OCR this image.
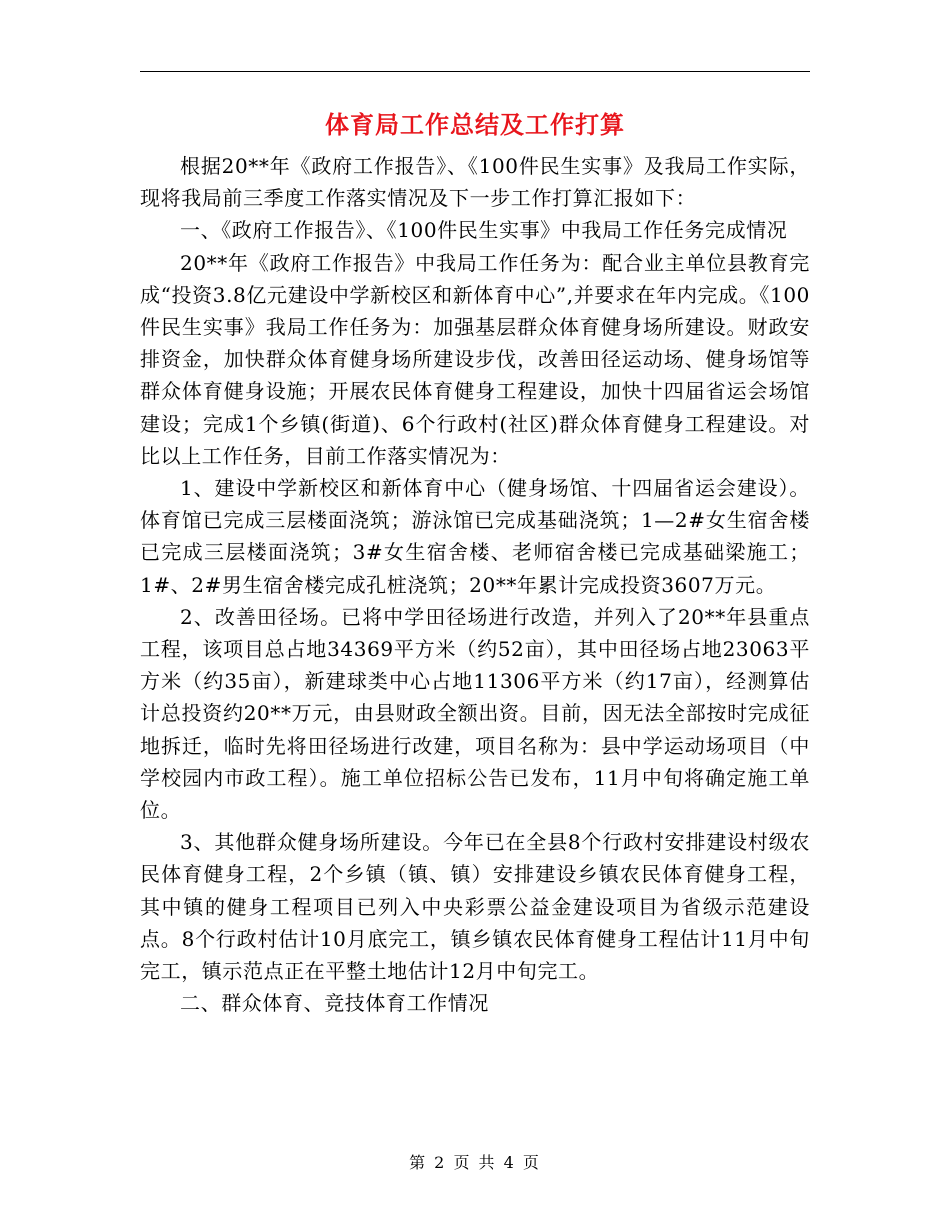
体育局工作总结及工作打算

根据20**年《政府工作报告》、《100件民生实事》及我局工作实际，现将我局前三季度工作落实情况及下一步工作打算汇报如下：

一、《政府工作报告》、《100件民生实事》中我局工作任务完成情况

20**年《政府工作报告》中我局工作任务为：配合业主单位县教育完成“投资3.8亿元建设中学新校区和新体育中心”,并要求在年内完成。《100件民生实事》我局工作任务为：加强基层群众体育健身场所建设。财政安排资金，加快群众体育健身场所建设步伐，改善田径运动场、健身场馆等群众体育健身设施；开展农民体育健身工程建设，加快十四届省运会场馆建设；完成1个乡镇(街道)、6个行政村(社区)群众体育健身工程建设。对比以上工作任务，目前工作落实情况为：

1、建设中学新校区和新体育中心（健身场馆、十四届省运会建设）。体育馆已完成三层楼面浇筑；游泳馆已完成基础浇筑；1—2#女生宿舍楼已完成三层楼面浇筑；3#女生宿舍楼、老师宿舍楼已完成基础梁施工；1#、2#男生宿舍楼完成孔桩浇筑；20**年累计完成投资3607万元。

2、改善田径场。已将中学田径场进行改造，并列入了20**年县重点工程，该项目总占地34369平方米（约52亩），其中田径场占地23063平方米（约35亩），新建球类中心占地11306平方米（约17亩），经测算估计总投资约20**万元，由县财政全额出资。目前，因无法全部按时完成征地拆迁，临时先将田径场进行改建，项目名称为：县中学运动场项目（中学校园内市政工程）。施工单位招标公告已发布，11月中旬将确定施工单位。

3、其他群众健身场所建设。今年已在全县8个行政村安排建设村级农民体育健身工程，2个乡镇（镇、镇）安排建设乡镇农民体育健身工程，其中镇的健身工程项目已列入中央彩票公益金建设项目为省级示范建设点。8个行政村估计10月底完工，镇乡镇农民体育健身工程估计11月中旬完工，镇示范点正在平整土地估计12月中旬完工。

二、群众体育、竞技体育工作情况

第 2 页 共 4 页
